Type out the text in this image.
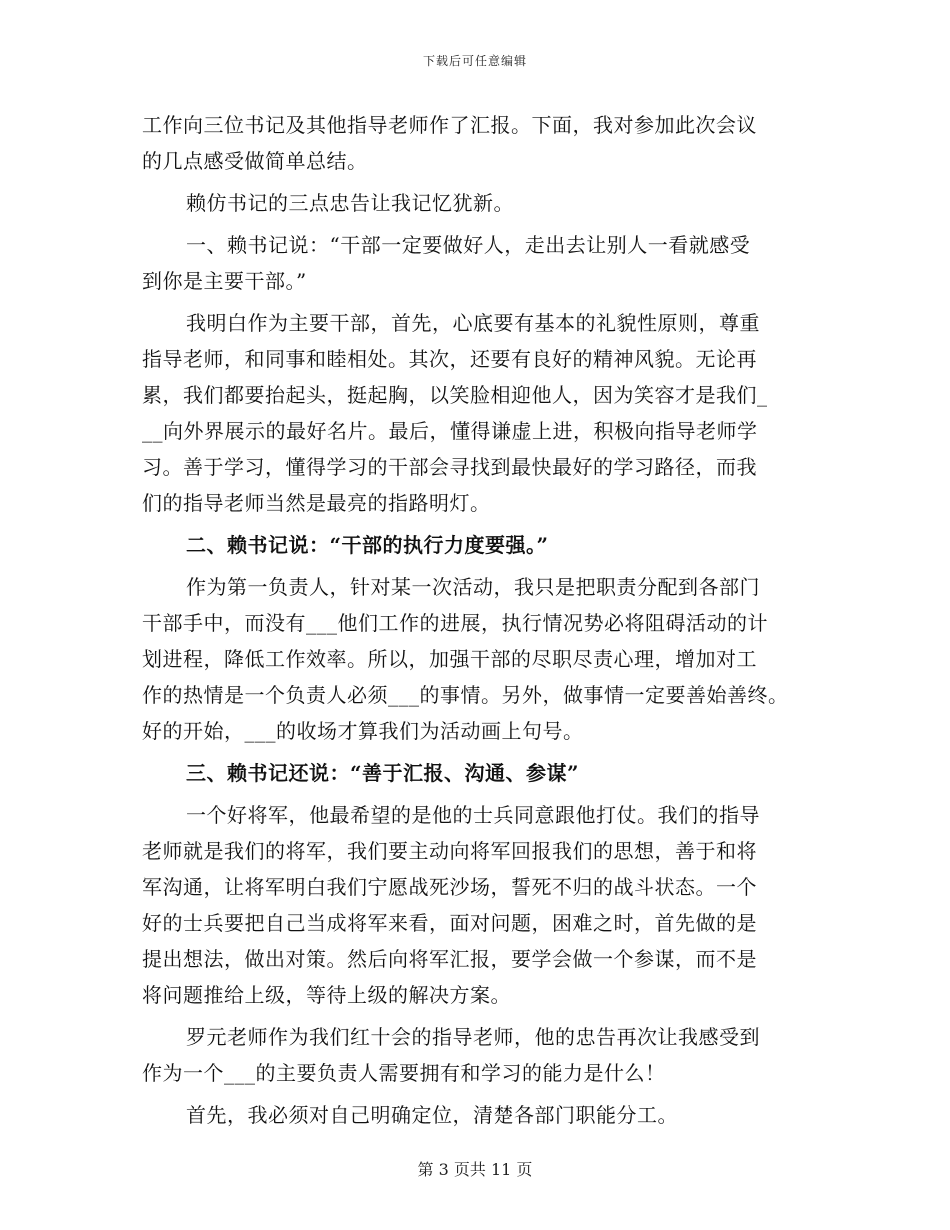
下载后可任意编辑
工作向三位书记及其他指导老师作了汇报。下面，我对参加此次会议
的几点感受做简单总结。
赖仿书记的三点忠告让我记忆犹新。
一、赖书记说：“干部一定要做好人，走出去让别人一看就感受
到你是主要干部。”
我明白作为主要干部，首先，心底要有基本的礼貌性原则，尊重
指导老师，和同事和睦相处。其次，还要有良好的精神风貌。无论再
累，我们都要抬起头，挺起胸，以笑脸相迎他人，因为笑容才是我们_
__向外界展示的最好名片。最后，懂得谦虚上进，积极向指导老师学
习。善于学习，懂得学习的干部会寻找到最快最好的学习路径，而我
们的指导老师当然是最亮的指路明灯。
二、赖书记说：“干部的执行力度要强。”
作为第一负责人，针对某一次活动，我只是把职责分配到各部门
干部手中，而没有___他们工作的进展，执行情况势必将阻碍活动的计
划进程，降低工作效率。所以，加强干部的尽职尽责心理，增加对工
作的热情是一个负责人必须___的事情。另外，做事情一定要善始善终。
好的开始，___的收场才算我们为活动画上句号。
三、赖书记还说：“善于汇报、沟通、参谋”
一个好将军，他最希望的是他的士兵同意跟他打仗。我们的指导
老师就是我们的将军，我们要主动向将军回报我们的思想，善于和将
军沟通，让将军明白我们宁愿战死沙场，誓死不归的战斗状态。一个
好的士兵要把自己当成将军来看，面对问题，困难之时，首先做的是
提出想法，做出对策。然后向将军汇报，要学会做一个参谋，而不是
将问题推给上级，等待上级的解决方案。
罗元老师作为我们红十会的指导老师，他的忠告再次让我感受到
作为一个___的主要负责人需要拥有和学习的能力是什么！
首先，我必须对自己明确定位，清楚各部门职能分工。
第 3 页共 11 页
